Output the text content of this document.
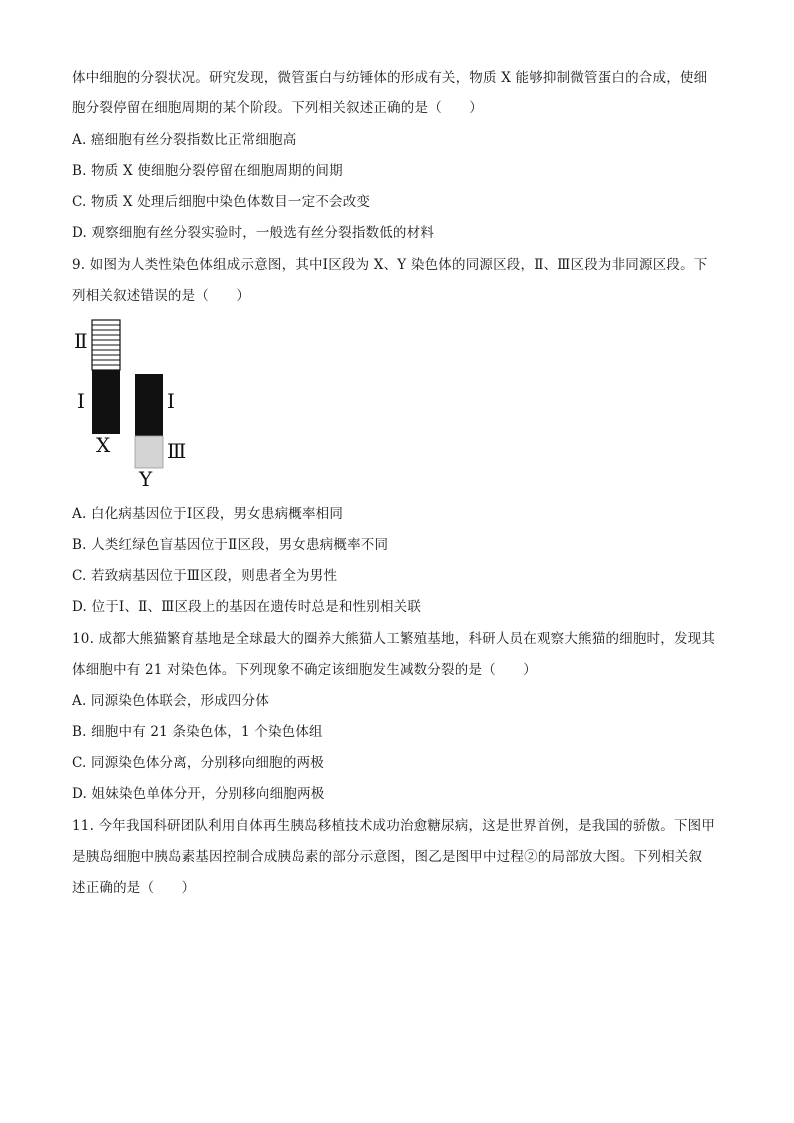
体中细胞的分裂状况。研究发现，微管蛋白与纺锤体的形成有关，物质 X 能够抑制微管蛋白的合成，使细
胞分裂停留在细胞周期的某个阶段。下列相关叙述正确的是（　　）
A. 癌细胞有丝分裂指数比正常细胞高
B. 物质 X 使细胞分裂停留在细胞周期的间期
C. 物质 X 处理后细胞中染色体数目一定不会改变
D. 观察细胞有丝分裂实验时，一般选有丝分裂指数低的材料
9. 如图为人类性染色体组成示意图，其中Ⅰ区段为 X、Y 染色体的同源区段，Ⅱ、Ⅲ区段为非同源区段。下
列相关叙述错误的是（　　）
Ⅱ
Ⅰ
X
Ⅰ
Ⅲ
Y
A. 白化病基因位于Ⅰ区段，男女患病概率相同
B. 人类红绿色盲基因位于Ⅱ区段，男女患病概率不同
C. 若致病基因位于Ⅲ区段，则患者全为男性
D. 位于Ⅰ、Ⅱ、Ⅲ区段上的基因在遗传时总是和性别相关联
10. 成都大熊猫繁育基地是全球最大的圈养大熊猫人工繁殖基地，科研人员在观察大熊猫的细胞时，发现其
体细胞中有 21 对染色体。下列现象不确定该细胞发生减数分裂的是（　　）
A. 同源染色体联会，形成四分体
B. 细胞中有 21 条染色体，1 个染色体组
C. 同源染色体分离，分别移向细胞的两极
D. 姐妹染色单体分开，分别移向细胞两极
11. 今年我国科研团队利用自体再生胰岛移植技术成功治愈糖尿病，这是世界首例，是我国的骄傲。下图甲
是胰岛细胞中胰岛素基因控制合成胰岛素的部分示意图，图乙是图甲中过程②的局部放大图。下列相关叙
述正确的是（　　）
